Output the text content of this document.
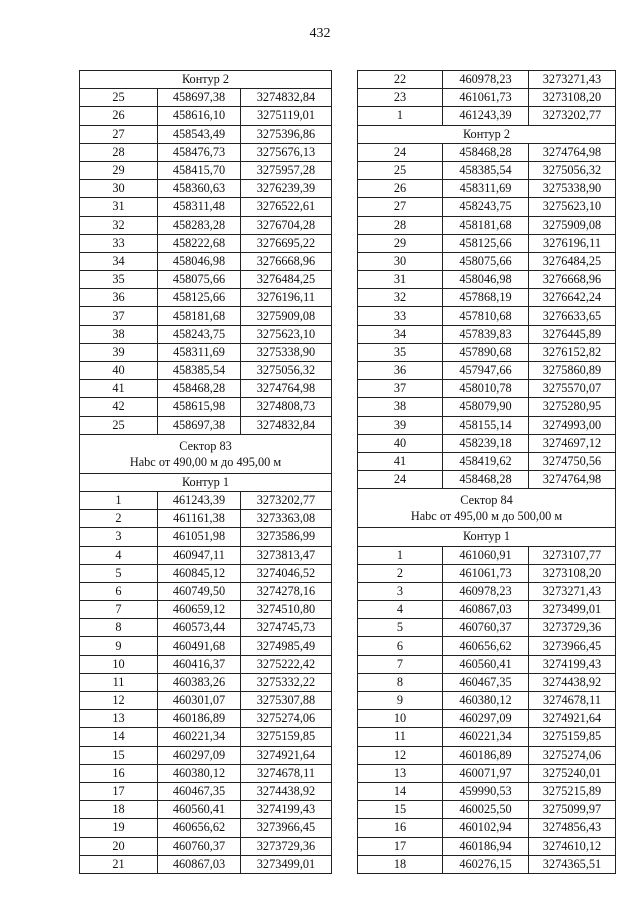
432
Контур 2		
25	458697,38	3274832,84
26	458616,10	3275119,01
27	458543,49	3275396,86
28	458476,73	3275676,13
29	458415,70	3275957,28
30	458360,63	3276239,39
31	458311,48	3276522,61
32	458283,28	3276704,28
33	458222,68	3276695,22
34	458046,98	3276668,96
35	458075,66	3276484,25
36	458125,66	3276196,11
37	458181,68	3275909,08
38	458243,75	3275623,10
39	458311,69	3275338,90
40	458385,54	3275056,32
41	458468,28	3274764,98
42	458615,98	3274808,73
25	458697,38	3274832,84

Сектор 83
Нabс от 490,00 м до 495,00 м		

Контур 1		
1	461243,39	3273202,77
2	461161,38	3273363,08
3	461051,98	3273586,99
4	460947,11	3273813,47
5	460845,12	3274046,52
6	460749,50	3274278,16
7	460659,12	3274510,80
8	460573,44	3274745,73
9	460491,68	3274985,49
10	460416,37	3275222,42
11	460383,26	3275332,22
12	460301,07	3275307,88
13	460186,89	3275274,06
14	460221,34	3275159,85
15	460297,09	3274921,64
16	460380,12	3274678,11
17	460467,35	3274438,92
18	460560,41	3274199,43
19	460656,62	3273966,45
20	460760,37	3273729,36
21	460867,03	3273499,01
22	460978,23	3273271,43
23	461061,73	3273108,20
1	461243,39	3273202,77
Контур 2		
24	458468,28	3274764,98
25	458385,54	3275056,32
26	458311,69	3275338,90
27	458243,75	3275623,10
28	458181,68	3275909,08
29	458125,66	3276196,11
30	458075,66	3276484,25
31	458046,98	3276668,96
32	457868,19	3276642,24
33	457810,68	3276633,65
34	457839,83	3276445,89
35	457890,68	3276152,82
36	457947,66	3275860,89
37	458010,78	3275570,07
38	458079,90	3275280,95
39	458155,14	3274993,00
40	458239,18	3274697,12
41	458419,62	3274750,56
24	458468,28	3274764,98

Сектор 84
Нabс от 495,00 м до 500,00 м		

Контур 1		
1	461060,91	3273107,77
2	461061,73	3273108,20
3	460978,23	3273271,43
4	460867,03	3273499,01
5	460760,37	3273729,36
6	460656,62	3273966,45
7	460560,41	3274199,43
8	460467,35	3274438,92
9	460380,12	3274678,11
10	460297,09	3274921,64
11	460221,34	3275159,85
12	460186,89	3275274,06
13	460071,97	3275240,01
14	459990,53	3275215,89
15	460025,50	3275099,97
16	460102,94	3274856,43
17	460186,94	3274610,12
18	460276,15	3274365,51
